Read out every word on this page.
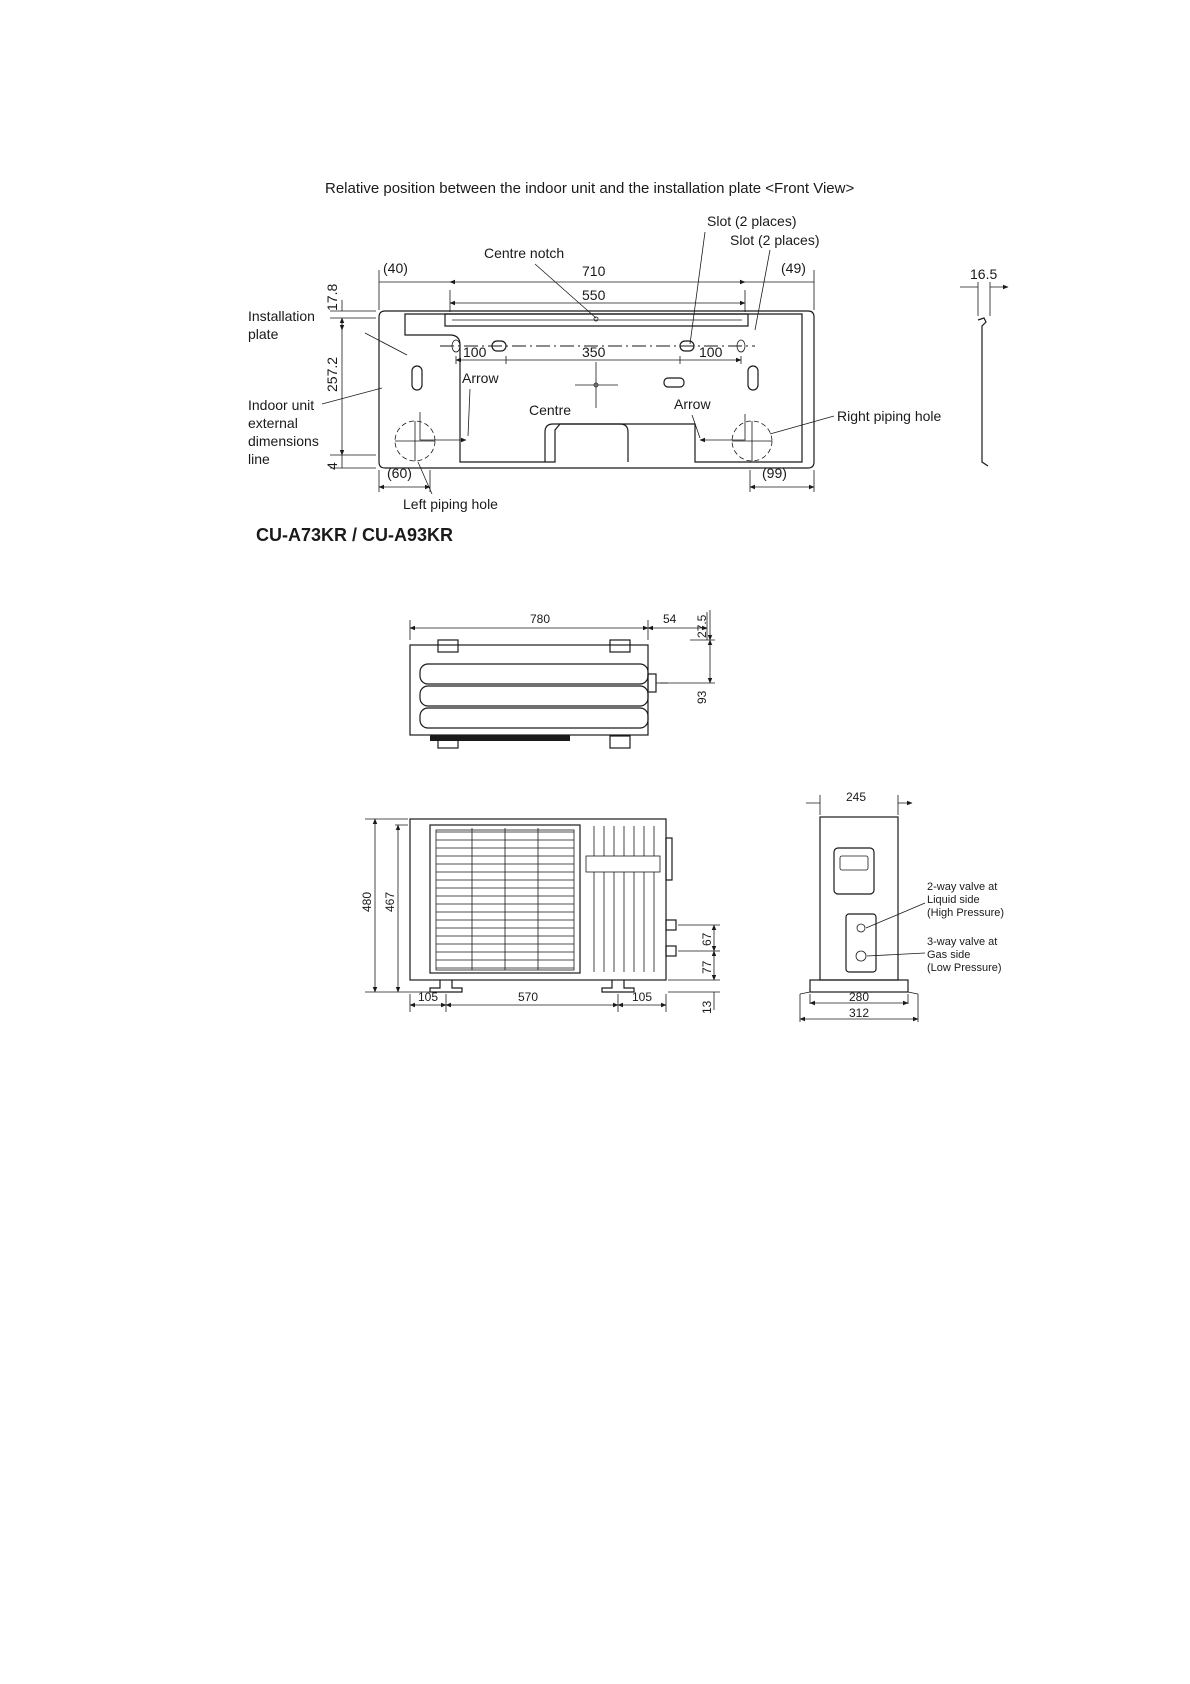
Relative position between the indoor unit and the installation plate <Front View>
Slot (2 places)
Slot (2 places)
Centre notch
Installation
plate
Indoor unit
external
dimensions
line
Arrow
Arrow
Centre	Right piping hole
Left piping hole
(40)	710	(49)
550
100	350	100
(60)	(99)
17.8
257.2
4
16.5
CU-A73KR / CU-A93KR
780	54 27.5
93
480 467
105	570	105
67
77
13
245
280
312
2-way valve at
Liquid side
(High Pressure)
3-way valve at
Gas side
(Low Pressure)
